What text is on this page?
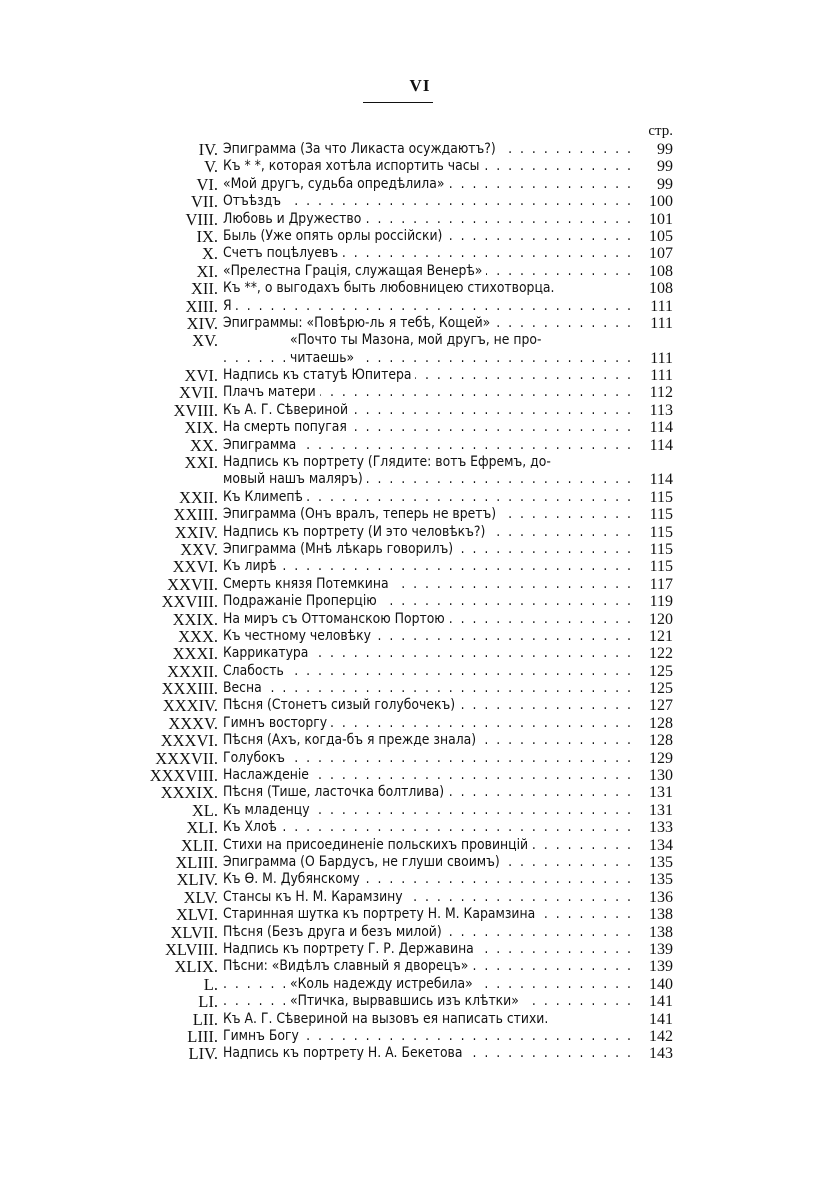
VI
стр.
IV. Эпиграмма (За что Ликаста осуждаютъ?) . . .	99
V. Къ * *, которая хотѣла испортить часы . . .	99
VI. «Мой другъ, судьба опредѣлила» . . .	99
VII. Отъѣздъ . . .	100
VIII. Любовь и Дружество . . .	101
IX. Быль (Уже опять орлы россійски) . . .	105
X. Счетъ поцѣлуевъ . . .	107
XI. «Прелестна Грація, служащая Венерѣ» . . .	108
XII. Къ **, о выгодахъ быть любовницею стихотворца.	108
XIII. Я . . .	111
XIV. Эпиграммы: «Повѣрю-ль я тебѣ, Кощей» . . .	111
XV.	«Почто ты Мазона, мой другъ, не про-
читаешь» . . .	111
XVI. Надпись къ статуѣ Юпитера . . .	111
XVII. Плачъ матери . . .	112
XVIII. Къ А. Г. Сѣвериной . . .	113
XIX. На смерть попугая . . .	114
XX. Эпиграмма . . .	114
XXI. Надпись къ портрету (Глядите: вотъ Ефремъ, до-
мовый нашъ маляръ) . . .	114
XXII. Къ Климепѣ . . .	115
XXIII. Эпиграмма (Онъ вралъ, теперь не вретъ) . . .	115
XXIV. Надпись къ портрету (И это человѣкъ?) . . .	115
XXV. Эпиграмма (Мнѣ лѣкарь говорилъ) . . .	115
XXVI. Къ лирѣ . . .	115
XXVII. Смерть князя Потемкина . . .	117
XXVIII. Подражаніе Проперцію . . .	119
XXIX. На миръ съ Оттоманскою Портою . . .	120
XXX. Къ честному человѣку . . .	121
XXXI. Каррикатура . . .	122
XXXII. Слабость . . .	125
XXXIII. Весна . . .	125
XXXIV. Пѣсня (Стонетъ сизый голубочекъ) . . .	127
XXXV. Гимнъ восторгу . . .	128
XXXVI. Пѣсня (Ахъ, когда-бъ я прежде знала) . . .	128
XXXVII. Голубокъ . . .	129
XXXVIII. Наслажденіе . . .	130
XXXIX. Пѣсня (Тише, ласточка болтлива) . . .	131
XL. Къ младенцу . . .	131
XLI. Къ Хлоѣ . . .	133
XLII. Стихи на присоединеніе польскихъ провинцій . . .	134
XLIII. Эпиграмма (О Бардусъ, не глуши своимъ) . . .	135
XLIV. Къ Ѳ. М. Дубянскому . . .	135
XLV. Стансы къ Н. М. Карамзину . . .	136
XLVI. Старинная шутка къ портрету Н. М. Карамзина . . .	138
XLVII. Пѣсня (Безъ друга и безъ милой) . . .	138
XLVIII. Надпись къ портрету Г. Р. Державина . . .	139
XLIX. Пѣсни: «Видѣлъ славный я дворецъ» . . .	139
L.	«Коль надежду истребила» . . .	140
LI.	«Птичка, вырвавшись изъ клѣтки» . . .	141
LII. Къ А. Г. Сѣвериной на вызовъ ея написать стихи.	141
LIII. Гимнъ Богу . . .	142
LIV. Надпись къ портрету Н. А. Бекетова . . .	143
